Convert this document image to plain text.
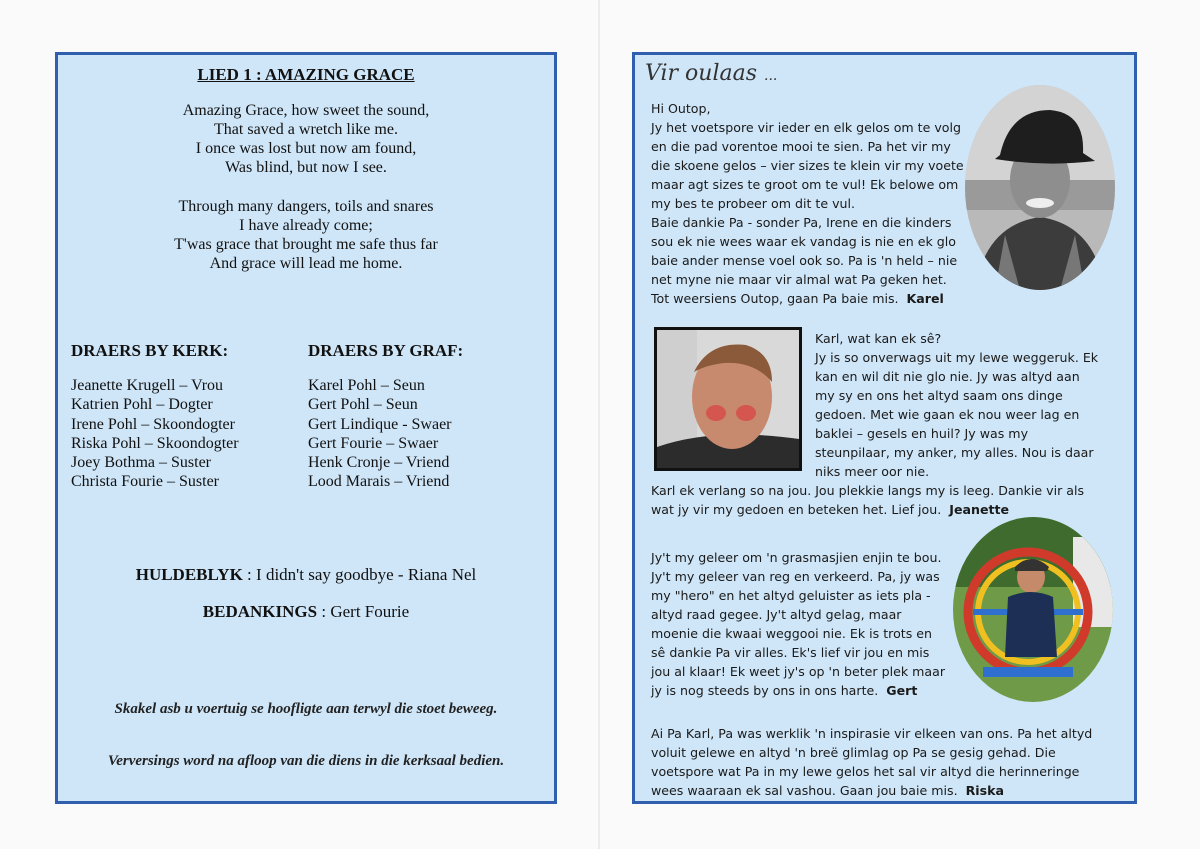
LIED 1 : AMAZING GRACE
Amazing Grace, how sweet the sound,
That saved a wretch like me.
I once was lost but now am found,
Was blind, but now I see.
Through many dangers, toils and snares
I have already come;
T'was grace that brought me safe thus far
And grace will lead me home.
DRAERS BY KERK:
Jeanette Krugell – Vrou
Katrien Pohl – Dogter
Irene Pohl – Skoondogter
Riska Pohl – Skoondogter
Joey Bothma – Suster
Christa Fourie – Suster
DRAERS BY GRAF:
Karel Pohl – Seun
Gert Pohl – Seun
Gert Lindique - Swaer
Gert Fourie – Swaer
Henk Cronje – Vriend
Lood Marais – Vriend
HULDEBLYK : I didn't say goodbye - Riana Nel
BEDANKINGS : Gert Fourie
Skakel asb u voertuig se hoofligte aan terwyl die stoet beweeg.
Verversings word na afloop van die diens in die kerksaal bedien.
Vir oulaas ...
Hi Outop,
Jy het voetspore vir ieder en elk gelos om te volg
en die pad vorentoe mooi te sien. Pa het vir my
die skoene gelos – vier sizes te klein vir my voete
maar agt sizes te groot om te vul! Ek belowe om
my bes te probeer om dit te vul.
Baie dankie Pa - sonder Pa, Irene en die kinders
sou ek nie wees waar ek vandag is nie en ek glo
baie ander mense voel ook so. Pa is 'n held – nie
net myne nie maar vir almal wat Pa geken het.
Tot weersiens Outop, gaan Pa baie mis. Karel
Karl, wat kan ek sê?
Jy is so onverwags uit my lewe weggeruk. Ek
kan en wil dit nie glo nie. Jy was altyd aan
my sy en ons het altyd saam ons dinge
gedoen. Met wie gaan ek nou weer lag en
baklei – gesels en huil? Jy was my
steunpilaar, my anker, my alles. Nou is daar
niks meer oor nie.
Karl ek verlang so na jou. Jou plekkie langs my is leeg. Dankie vir als
wat jy vir my gedoen en beteken het. Lief jou. Jeanette
Jy't my geleer om 'n grasmasjien enjin te bou.
Jy't my geleer van reg en verkeerd. Pa, jy was
my "hero" en het altyd geluister as iets pla -
altyd raad gegee. Jy't altyd gelag, maar
moenie die kwaai weggooi nie. Ek is trots en
sê dankie Pa vir alles. Ek's lief vir jou en mis
jou al klaar! Ek weet jy's op 'n beter plek maar
jy is nog steeds by ons in ons harte. Gert
Ai Pa Karl, Pa was werklik 'n inspirasie vir elkeen van ons. Pa het altyd
voluit gelewe en altyd 'n breë glimlag op Pa se gesig gehad. Die
voetspore wat Pa in my lewe gelos het sal vir altyd die herinneringe
wees waaraan ek sal vashou. Gaan jou baie mis. Riska
